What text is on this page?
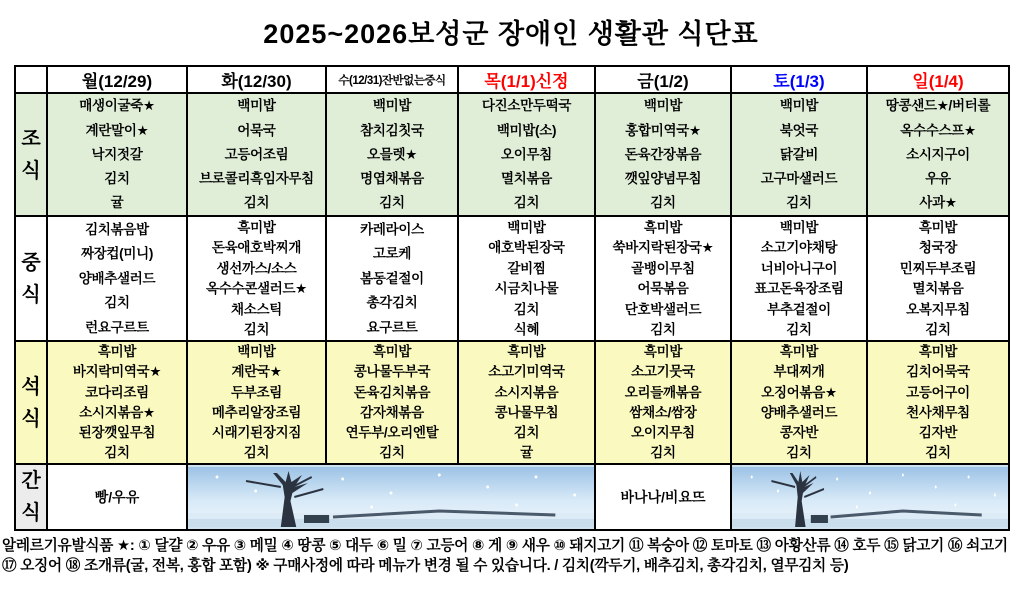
2025~2026보성군 장애인 생활관 식단표
	월(12/29)	화(12/30)	수(12/31)잔반없는중식	목(1/1)신정	금(1/2)	토(1/3)	일(1/4)
조
식	
매생이굴죽★
계란말이★
낙지젓갈
김치
귤

백미밥
어묵국
고등어조림
브로콜리흑임자무침
김치

백미밥
참치김칫국
오믈렛★
명엽채볶음
김치

다진소만두떡국
백미밥(소)
오이무침
멸치볶음
김치

백미밥
홍합미역국★
돈육간장볶음
깻잎양념무침
김치

백미밥
북엇국
닭갈비
고구마샐러드
김치

땅콩샌드★/버터롤
옥수수스프★
소시지구이
우유
사과★

중
식	
김치볶음밥
짜장컵(미니)
양배추샐러드
김치
런요구르트

흑미밥
돈육애호박찌개
생선까스/소스
옥수수콘샐러드★
채소스틱
김치

카레라이스
고로케
봄동겉절이
총각김치
요구르트

백미밥
애호박된장국
갈비찜
시금치나물
김치
식혜

흑미밥
쑥바지락된장국★
골뱅이무침
어묵볶음
단호박샐러드
김치

백미밥
소고기야채탕
너비아니구이
표고돈육장조림
부추겉절이
김치

흑미밥
청국장
민찌두부조림
멸치볶음
오복지무침
김치

석
식	
흑미밥
바지락미역국★
코다리조림
소시지볶음★
된장깻잎무침
김치

백미밥
계란국★
두부조림
메추리알장조림
시래기된장지짐
김치

흑미밥
콩나물두부국
돈육김치볶음
감자채볶음
연두부/오리엔탈
김치

흑미밥
소고기미역국
소시지볶음
콩나물무침
김치
귤

흑미밥
소고기뭇국
오리들깨볶음
쌈채소/쌈장
오이지무침
김치

흑미밥
부대찌개
오징어볶음★
양배추샐러드
콩자반
김치

흑미밥
김치어묵국
고등어구이
천사채무침
김자반
김치

간
식	빵/우유				바나나/비요뜨	

알레르기유발식품 ★: ① 달걀 ② 우유 ③ 메밀 ④ 땅콩 ⑤ 대두 ⑥ 밀 ⑦ 고등어 ⑧ 게 ⑨ 새우 ⑩ 돼지고기 ⑪ 복숭아 ⑫ 토마토 ⑬ 아황산류 ⑭ 호두 ⑮ 닭고기 ⑯ 쇠고기 ⑰ 오징어 ⑱ 조개류(굴, 전복, 홍합 포함) ※ 구매사정에 따라 메뉴가 변경 될 수 있습니다. / 김치(깍두기, 배추김치, 총각김치, 열무김치 등)
